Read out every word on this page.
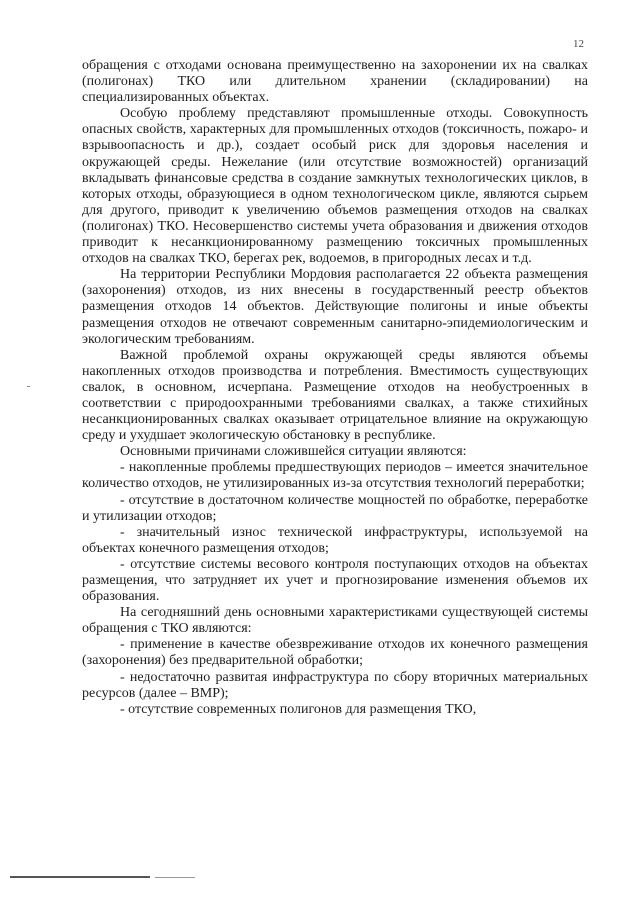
12

обращения с отходами основана преимущественно на захоронении их на свалках (полигонах) ТКО или длительном хранении (складировании) на специализированных объектах.

Особую проблему представляют промышленные отходы. Совокупность опасных свойств, характерных для промышленных отходов (токсичность, пожаро- и взрывоопасность и др.), создает особый риск для здоровья населения и окружающей среды. Нежелание (или отсутствие возможностей) организаций вкладывать финансовые средства в создание замкнутых технологических циклов, в которых отходы, образующиеся в одном технологическом цикле, являются сырьем для другого, приводит к увеличению объемов размещения отходов на свалках (полигонах) ТКО. Несовершенство системы учета образования и движения отходов приводит к несанкционированному размещению токсичных промышленных отходов на свалках ТКО, берегах рек, водоемов, в пригородных лесах и т.д.

На территории Республики Мордовия располагается 22 объекта размещения (захоронения) отходов, из них внесены в государственный реестр объектов размещения отходов 14 объектов. Действующие полигоны и иные объекты размещения отходов не отвечают современным санитарно-эпидемиологическим и экологическим требованиям.

Важной проблемой охраны окружающей среды являются объемы накопленных отходов производства и потребления. Вместимость существующих свалок, в основном, исчерпана. Размещение отходов на необустроенных в соответствии с природоохранными требованиями свалках, а также стихийных несанкционированных свалках оказывает отрицательное влияние на окружающую среду и ухудшает экологическую обстановку в республике.

Основными причинами сложившейся ситуации являются:

- накопленные проблемы предшествующих периодов – имеется значительное количество отходов, не утилизированных из-за отсутствия технологий переработки;

- отсутствие в достаточном количестве мощностей по обработке, переработке и утилизации отходов;

- значительный износ технической инфраструктуры, используемой на объектах конечного размещения отходов;

- отсутствие системы весового контроля поступающих отходов на объектах размещения, что затрудняет их учет и прогнозирование изменения объемов их образования.

На сегодняшний день основными характеристиками существующей системы обращения с ТКО являются:

- применение в качестве обезвреживание отходов их конечного размещения (захоронения) без предварительной обработки;

- недостаточно развитая инфраструктура по сбору вторичных материальных ресурсов (далее – ВМР);

- отсутствие современных полигонов для размещения ТКО,
